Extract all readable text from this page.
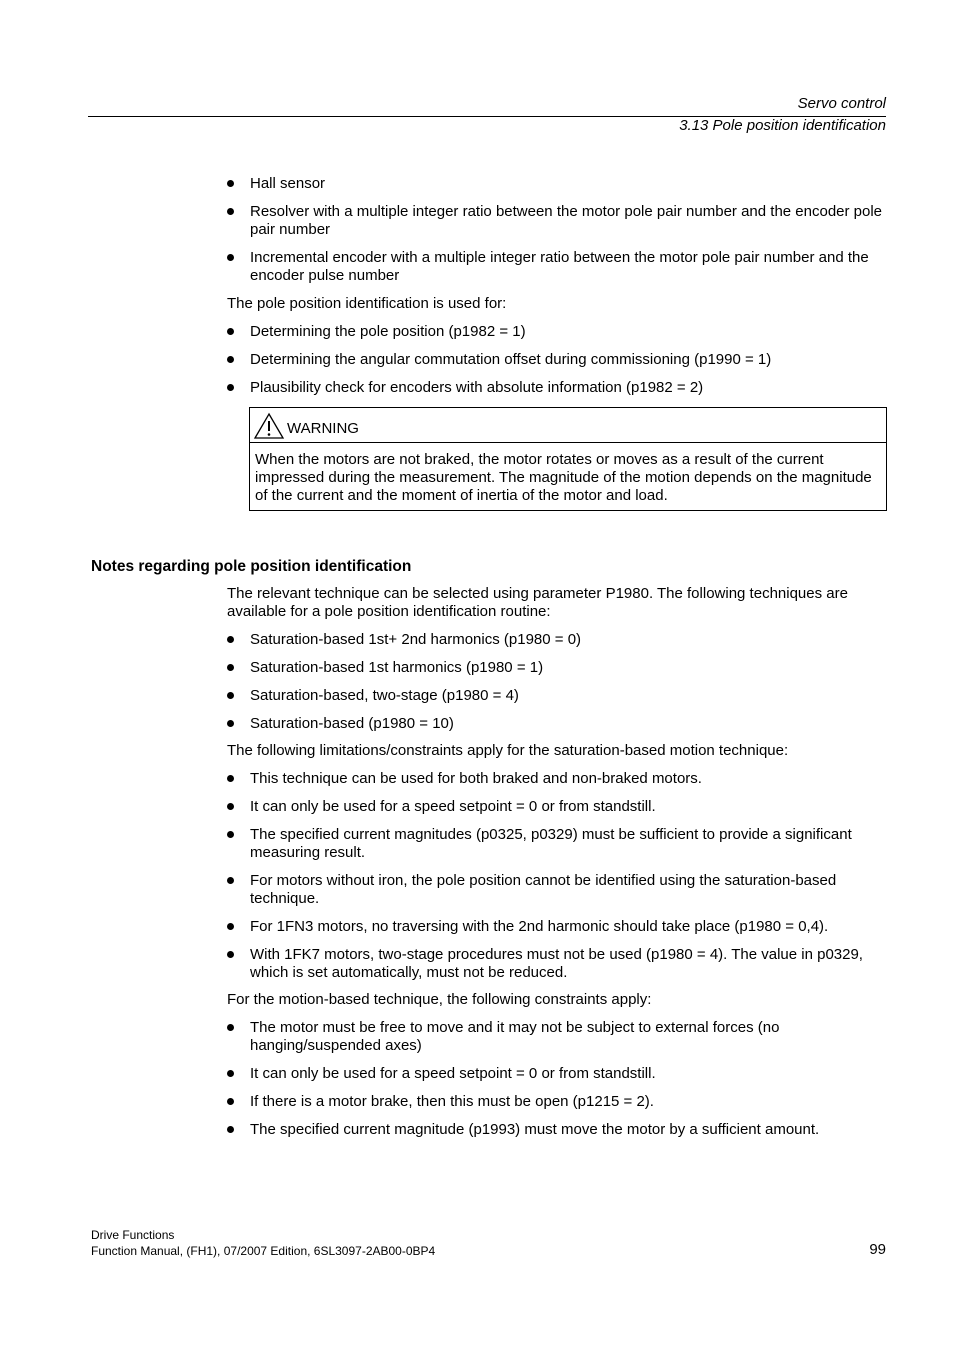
Servo control
3.13 Pole position identification
Hall sensor
Resolver with a multiple integer ratio between the motor pole pair number and the encoder pole pair number
Incremental encoder with a multiple integer ratio between the motor pole pair number and the encoder pulse number
The pole position identification is used for:
Determining the pole position (p1982 = 1)
Determining the angular commutation offset during commissioning (p1990 = 1)
Plausibility check for encoders with absolute information (p1982 = 2)
WARNING
When the motors are not braked, the motor rotates or moves as a result of the current impressed during the measurement. The magnitude of the motion depends on the magnitude of the current and the moment of inertia of the motor and load.
Notes regarding pole position identification
The relevant technique can be selected using parameter P1980. The following techniques are available for a pole position identification routine:
Saturation-based 1st+ 2nd harmonics (p1980 = 0)
Saturation-based 1st harmonics (p1980 = 1)
Saturation-based, two-stage (p1980 = 4)
Saturation-based (p1980 = 10)
The following limitations/constraints apply for the saturation-based motion technique:
This technique can be used for both braked and non-braked motors.
It can only be used for a speed setpoint = 0 or from standstill.
The specified current magnitudes (p0325, p0329) must be sufficient to provide a significant measuring result.
For motors without iron, the pole position cannot be identified using the saturation-based technique.
For 1FN3 motors, no traversing with the 2nd harmonic should take place (p1980 = 0,4).
With 1FK7 motors, two-stage procedures must not be used (p1980 = 4). The value in p0329, which is set automatically, must not be reduced.
For the motion-based technique, the following constraints apply:
The motor must be free to move and it may not be subject to external forces (no hanging/suspended axes)
It can only be used for a speed setpoint = 0 or from standstill.
If there is a motor brake, then this must be open (p1215 = 2).
The specified current magnitude (p1993) must move the motor by a sufficient amount.
Drive Functions
Function Manual, (FH1), 07/2007 Edition, 6SL3097-2AB00-0BP4	99
